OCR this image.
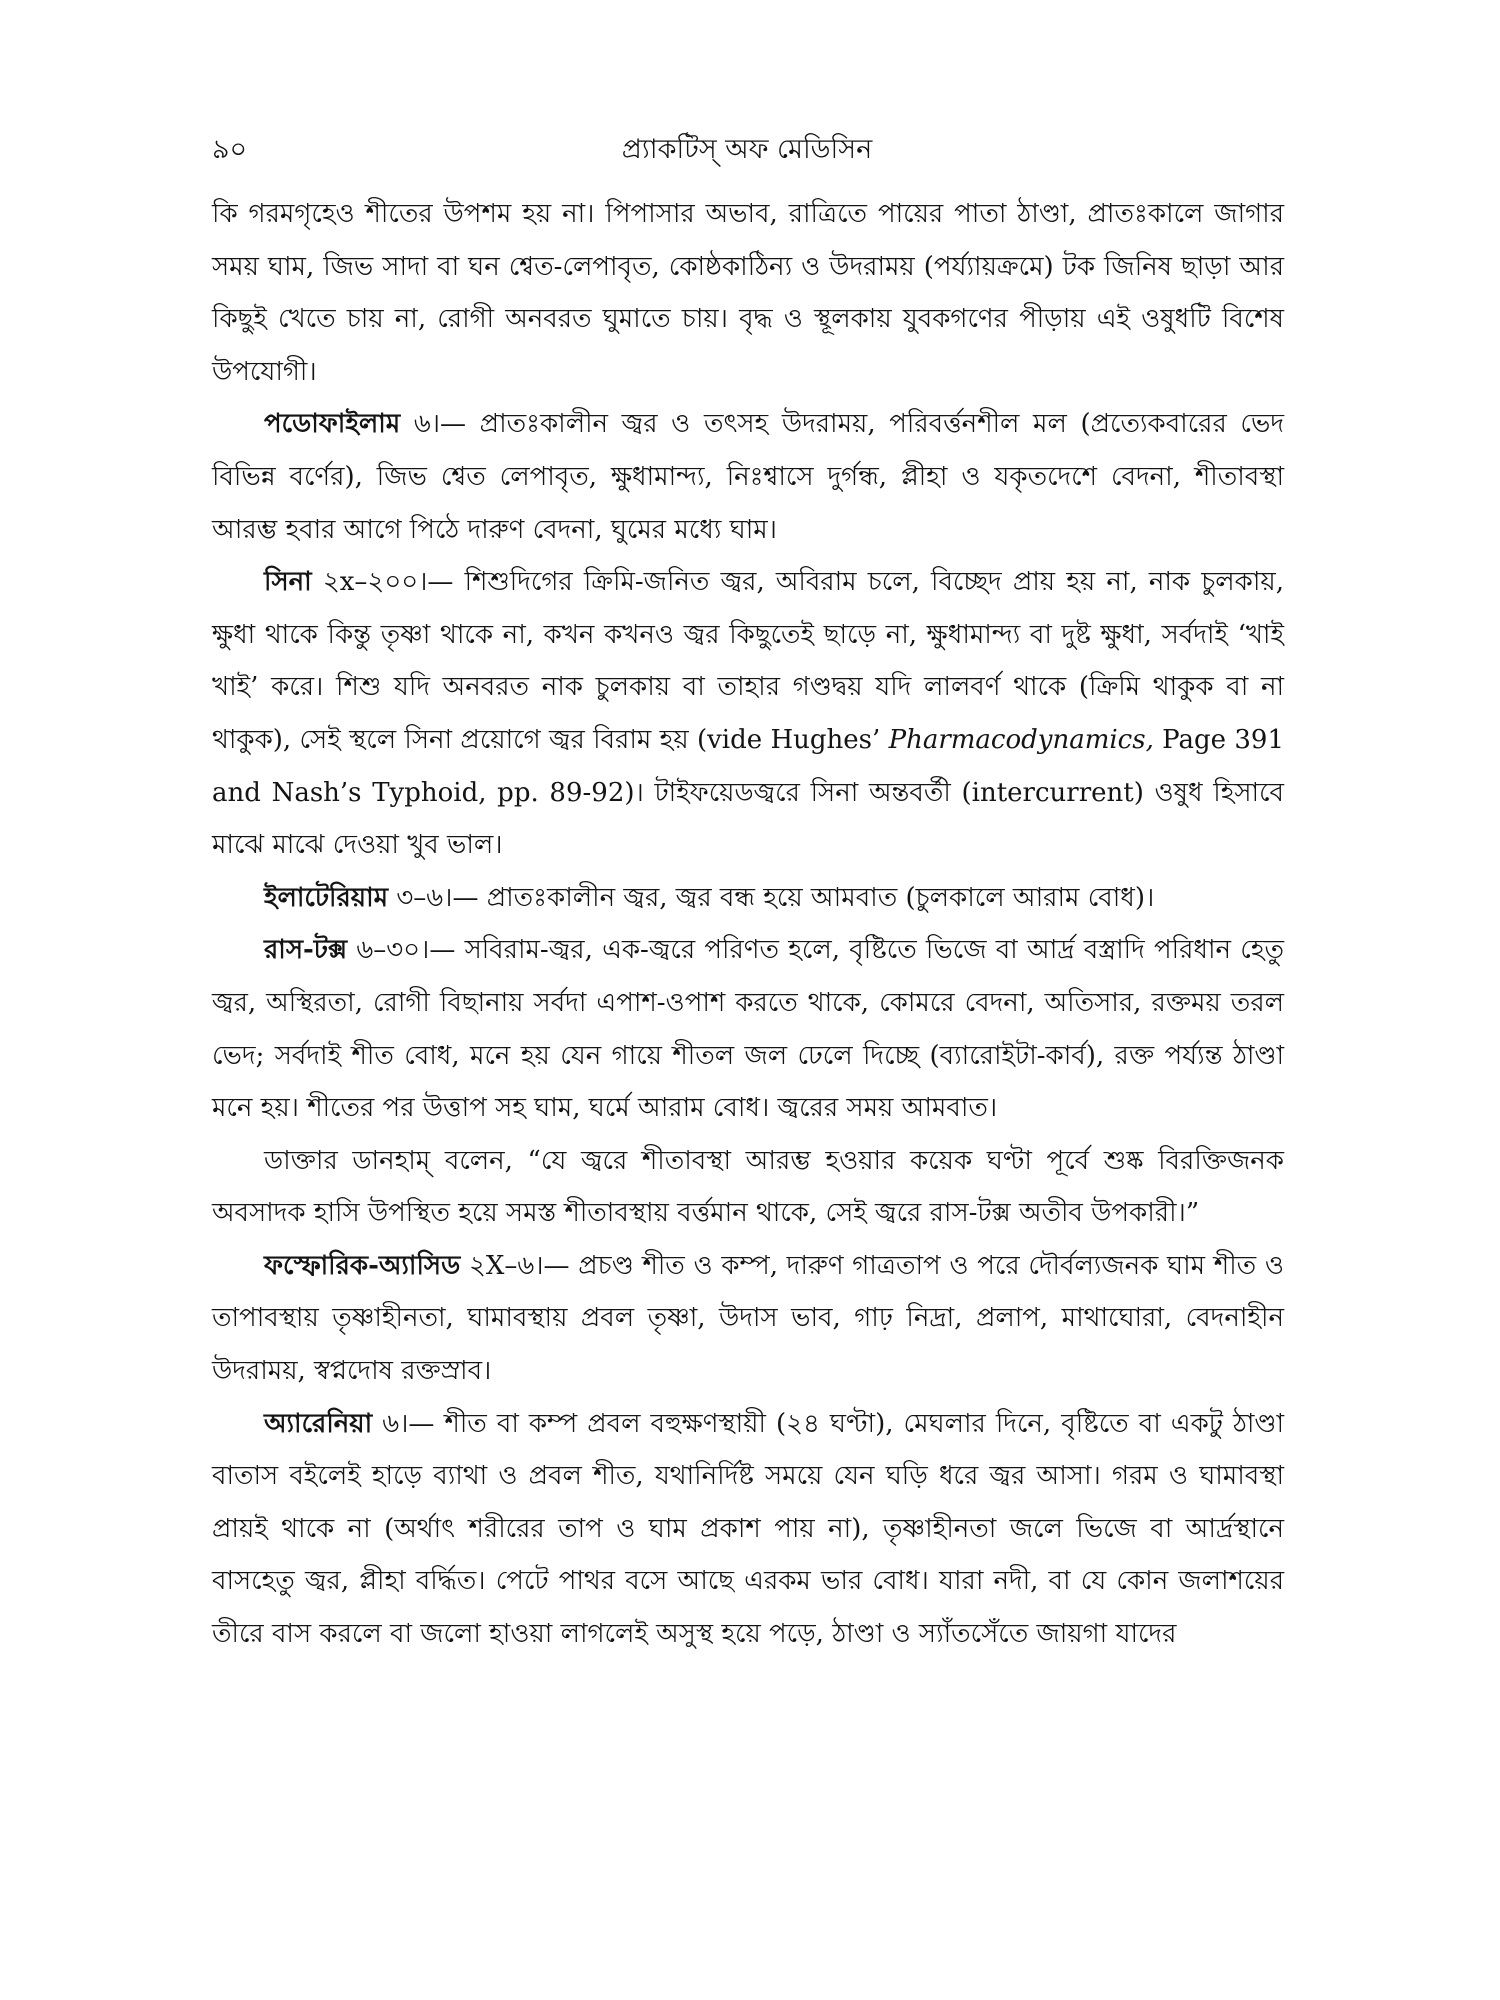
৯০	প্র্যাকটিস্ অফ মেডিসিন

কি গরমগৃহেও শীতের উপশম হয় না। পিপাসার অভাব, রাত্রিতে পায়ের পাতা ঠাণ্ডা, প্রাতঃকালে জাগার সময় ঘাম, জিভ সাদা বা ঘন শ্বেত-লেপাবৃত, কোষ্ঠকাঠিন্য ও উদরাময় (পর্য্যায়ক্রমে) টক জিনিষ ছাড়া আর কিছুই খেতে চায় না, রোগী অনবরত ঘুমাতে চায়। বৃদ্ধ ও স্থূলকায় যুবকগণের পীড়ায় এই ওষুধটি বিশেষ উপযোগী।

পডোফাইলাম ৬।— প্রাতঃকালীন জ্বর ও তৎসহ উদরাময়, পরিবর্ত্তনশীল মল (প্রত্যেকবারের ভেদ বিভিন্ন বর্ণের), জিভ শ্বেত লেপাবৃত, ক্ষুধামান্দ্য, নিঃশ্বাসে দুর্গন্ধ, প্লীহা ও যকৃতদেশে বেদনা, শীতাবস্থা আরম্ভ হবার আগে পিঠে দারুণ বেদনা, ঘুমের মধ্যে ঘাম।

সিনা ২x–২০০।— শিশুদিগের ক্রিমি-জনিত জ্বর, অবিরাম চলে, বিচ্ছেদ প্রায় হয় না, নাক চুলকায়, ক্ষুধা থাকে কিন্তু তৃষ্ণা থাকে না, কখন কখনও জ্বর কিছুতেই ছাড়ে না, ক্ষুধামান্দ্য বা দুষ্ট ক্ষুধা, সর্বদাই ‘খাই খাই’ করে। শিশু যদি অনবরত নাক চুলকায় বা তাহার গণ্ডদ্বয় যদি লালবর্ণ থাকে (ক্রিমি থাকুক বা না থাকুক), সেই স্থলে সিনা প্রয়োগে জ্বর বিরাম হয় (vide Hughes’ Pharmacodynamics, Page 391 and Nash’s Typhoid, pp. 89-92)। টাইফয়েডজ্বরে সিনা অন্তবর্তী (intercurrent) ওষুধ হিসাবে মাঝে মাঝে দেওয়া খুব ভাল।

ইলাটেরিয়াম ৩–৬।— প্রাতঃকালীন জ্বর, জ্বর বন্ধ হয়ে আমবাত (চুলকালে আরাম বোধ)।

রাস-টক্স ৬–৩০।— সবিরাম-জ্বর, এক-জ্বরে পরিণত হলে, বৃষ্টিতে ভিজে বা আর্দ্র বস্ত্রাদি পরিধান হেতু জ্বর, অস্থিরতা, রোগী বিছানায় সর্বদা এপাশ-ওপাশ করতে থাকে, কোমরে বেদনা, অতিসার, রক্তময় তরল ভেদ; সর্বদাই শীত বোধ, মনে হয় যেন গায়ে শীতল জল ঢেলে দিচ্ছে (ব্যারোইটা-কার্ব), রক্ত পর্য্যন্ত ঠাণ্ডা মনে হয়। শীতের পর উত্তাপ সহ ঘাম, ঘর্মে আরাম বোধ। জ্বরের সময় আমবাত।

ডাক্তার ডানহাম্ বলেন, “যে জ্বরে শীতাবস্থা আরম্ভ হওয়ার কয়েক ঘণ্টা পূর্বে শুষ্ক বিরক্তিজনক অবসাদক হাসি উপস্থিত হয়ে সমস্ত শীতাবস্থায় বর্ত্তমান থাকে, সেই জ্বরে রাস-টক্স অতীব উপকারী।”

ফস্ফোরিক-অ্যাসিড ২X–৬।— প্রচণ্ড শীত ও কম্প, দারুণ গাত্রতাপ ও পরে দৌর্বল্যজনক ঘাম শীত ও তাপাবস্থায় তৃষ্ণাহীনতা, ঘামাবস্থায় প্রবল তৃষ্ণা, উদাস ভাব, গাঢ় নিদ্রা, প্রলাপ, মাথাঘোরা, বেদনাহীন উদরাময়, স্বপ্নদোষ রক্তস্রাব।

অ্যারেনিয়া ৬।— শীত বা কম্প প্রবল বহুক্ষণস্থায়ী (২৪ ঘণ্টা), মেঘলার দিনে, বৃষ্টিতে বা একটু ঠাণ্ডা বাতাস বইলেই হাড়ে ব্যাথা ও প্রবল শীত, যথানির্দিষ্ট সময়ে যেন ঘড়ি ধরে জ্বর আসা। গরম ও ঘামাবস্থা প্রায়ই থাকে না (অর্থাৎ শরীরের তাপ ও ঘাম প্রকাশ পায় না), তৃষ্ণাহীনতা জলে ভিজে বা আর্দ্রস্থানে বাসহেতু জ্বর, প্লীহা বৰ্দ্ধিত। পেটে পাথর বসে আছে এরকম ভার বোধ। যারা নদী, বা যে কোন জলাশয়ের তীরে বাস করলে বা জলো হাওয়া লাগলেই অসুস্থ হয়ে পড়ে, ঠাণ্ডা ও স্যাঁতসেঁতে জায়গা যাদের
